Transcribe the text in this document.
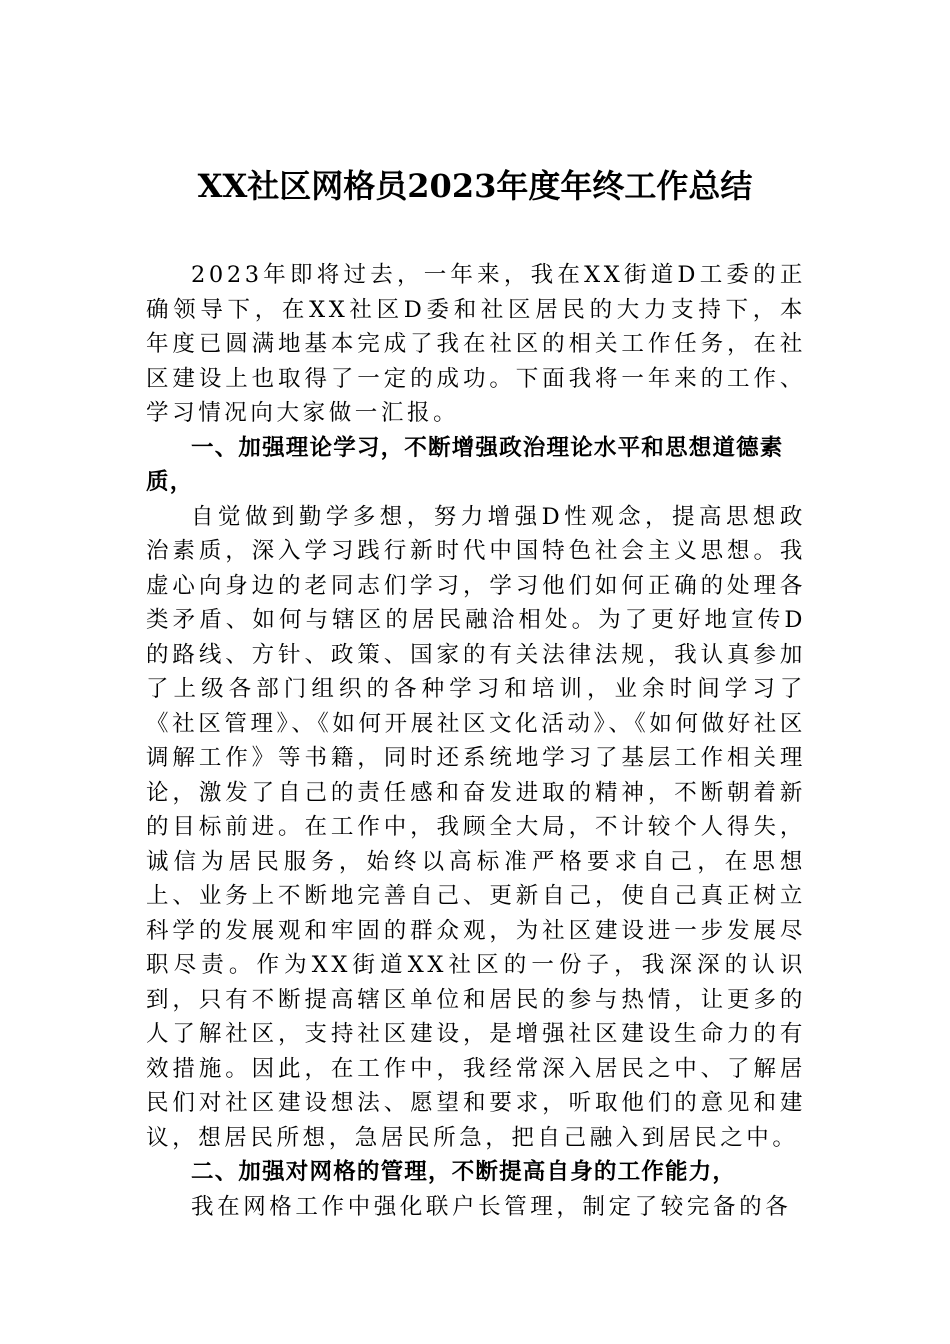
XX社区网格员2023年度年终工作总结

2023年即将过去，一年来，我在XX街道D工委的正确领导下，在XX社区D委和社区居民的大力支持下，本年度已圆满地基本完成了我在社区的相关工作任务，在社区建设上也取得了一定的成功。下面我将一年来的工作、学习情况向大家做一汇报。

一、加强理论学习，不断增强政治理论水平和思想道德素质，

自觉做到勤学多想，努力增强D性观念，提高思想政治素质，深入学习践行新时代中国特色社会主义思想。我虚心向身边的老同志们学习，学习他们如何正确的处理各类矛盾、如何与辖区的居民融洽相处。为了更好地宣传D的路线、方针、政策、国家的有关法律法规，我认真参加了上级各部门组织的各种学习和培训，业余时间学习了《社区管理》、《如何开展社区文化活动》、《如何做好社区调解工作》等书籍，同时还系统地学习了基层工作相关理论，激发了自己的责任感和奋发进取的精神，不断朝着新的目标前进。在工作中，我顾全大局，不计较个人得失，诚信为居民服务，始终以高标准严格要求自己，在思想上、业务上不断地完善自己、更新自己，使自己真正树立科学的发展观和牢固的群众观，为社区建设进一步发展尽职尽责。作为XX街道XX社区的一份子，我深深的认识到，只有不断提高辖区单位和居民的参与热情，让更多的人了解社区，支持社区建设，是增强社区建设生命力的有效措施。因此，在工作中，我经常深入居民之中、了解居民们对社区建设想法、愿望和要求，听取他们的意见和建议，想居民所想，急居民所急，把自己融入到居民之中。

二、加强对网格的管理，不断提高自身的工作能力，

我在网格工作中强化联户长管理，制定了较完备的各
